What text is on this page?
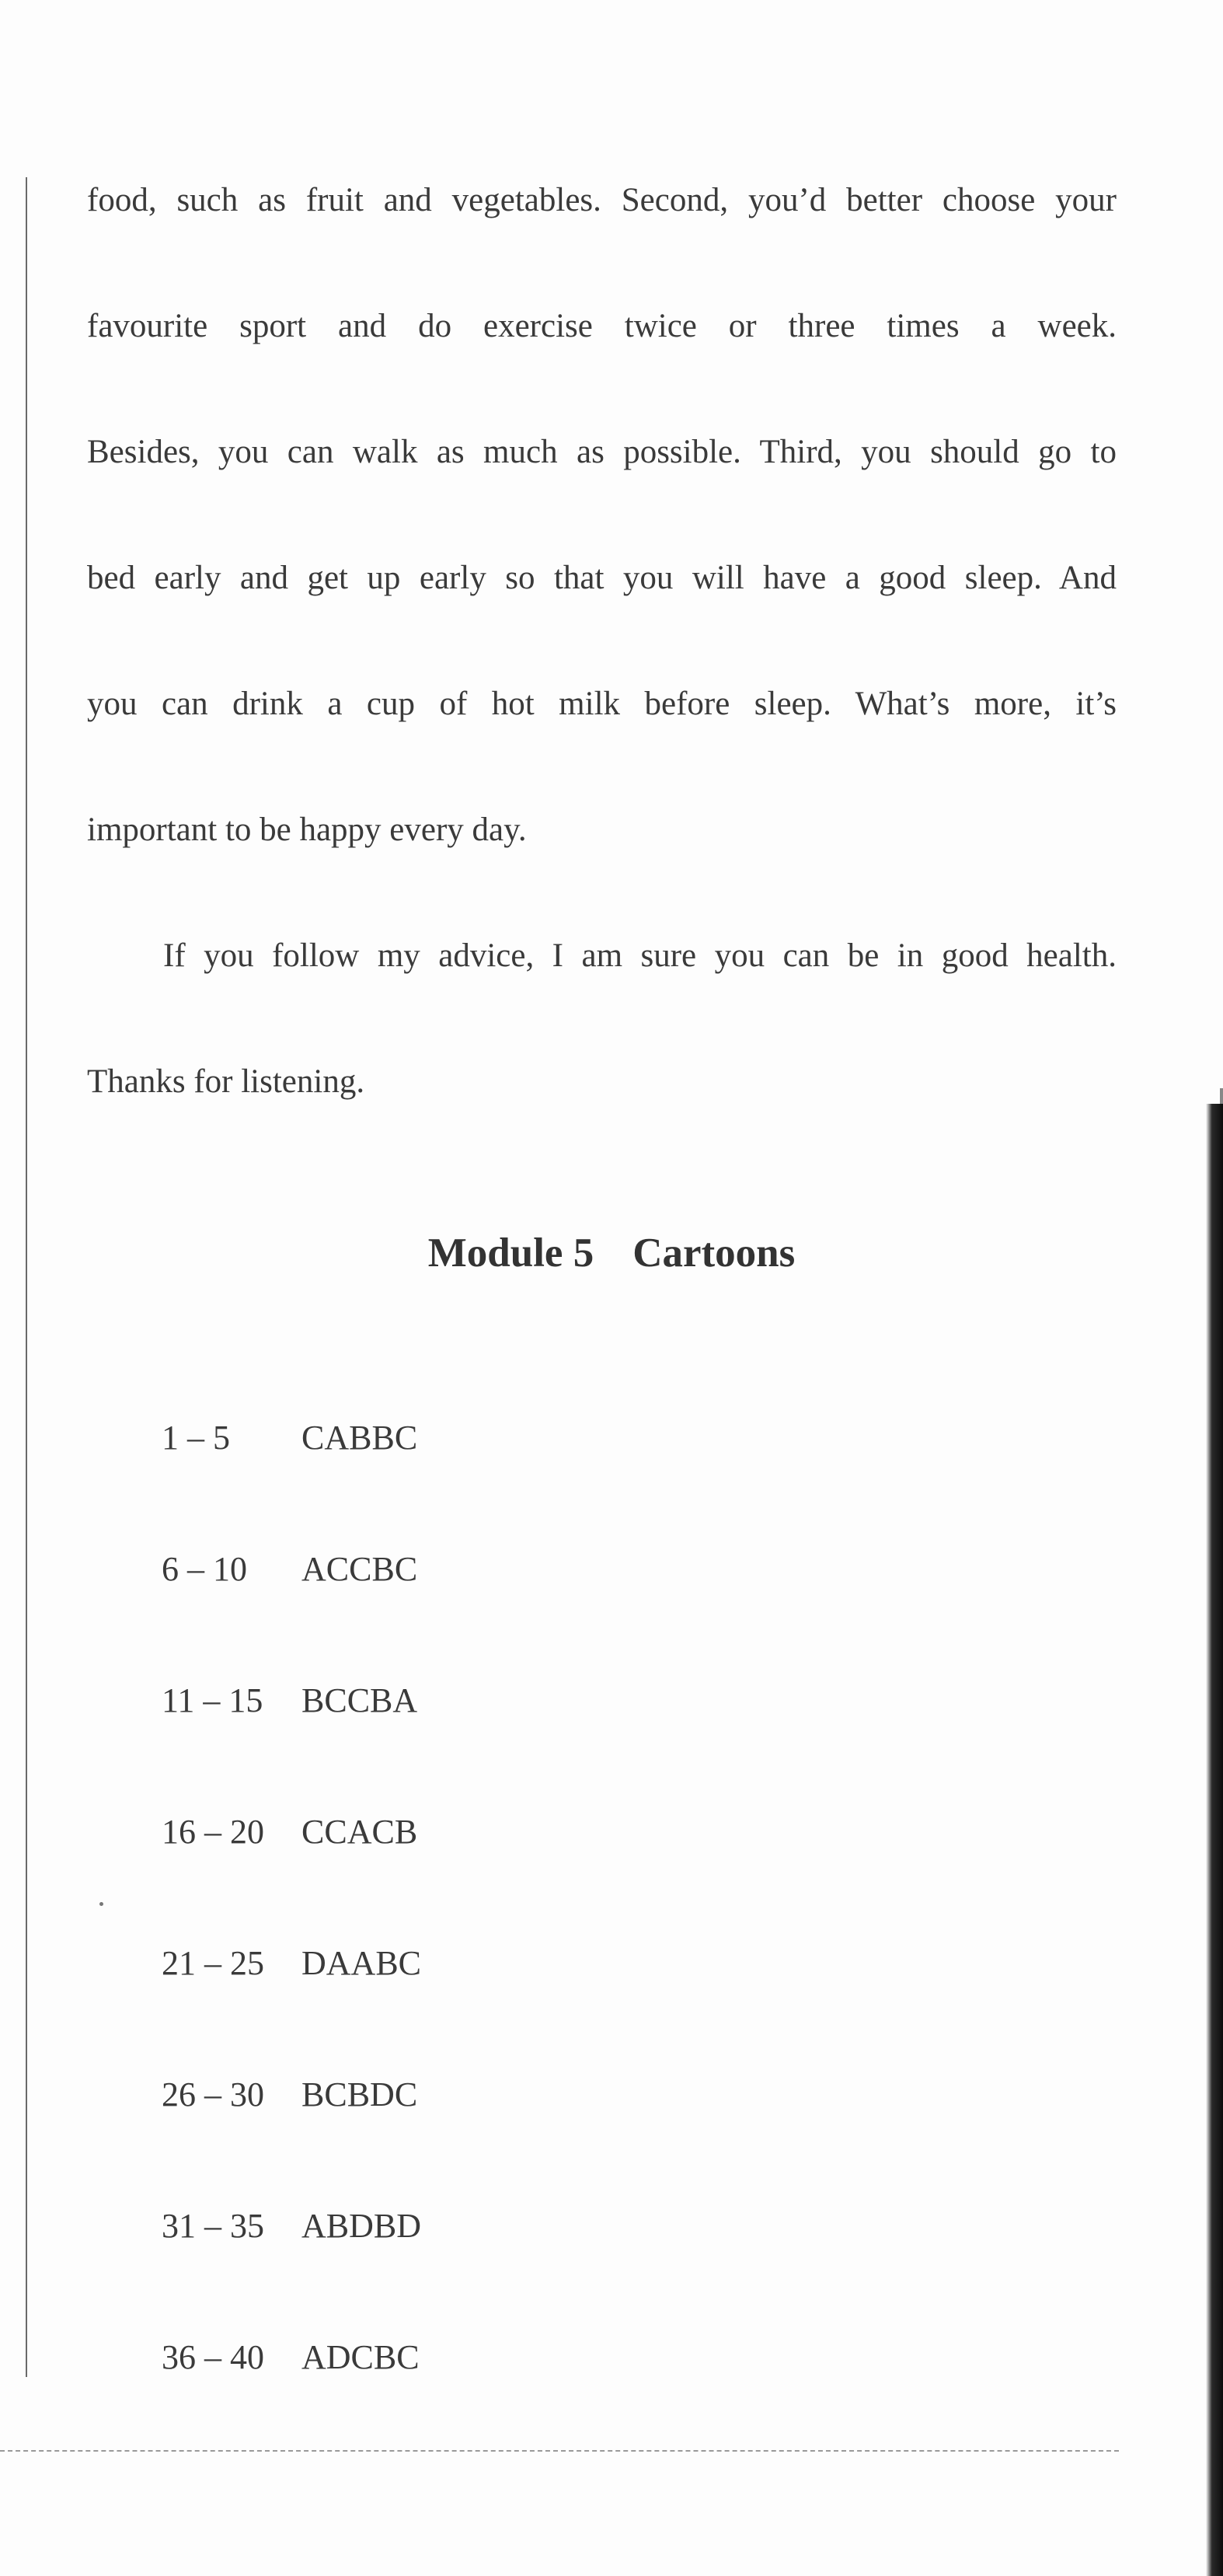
food, such as fruit and vegetables. Second, you’d better choose your
favourite sport and do exercise twice or three times a week.
Besides, you can walk as much as possible. Third, you should go to
bed early and get up early so that you will have a good sleep. And
you can drink a cup of hot milk before sleep. What’s more, it’s
important to be happy every day.
If you follow my advice, I am sure you can be in good health.
Thanks for listening.
Module 5 Cartoons
1 – 5 CABBC
6 – 10 ACCBC
11 – 15 BCCBA
16 – 20 CCACB
21 – 25 DAABC
26 – 30 BCBDC
31 – 35 ABDBD
36 – 40 ADCBC
